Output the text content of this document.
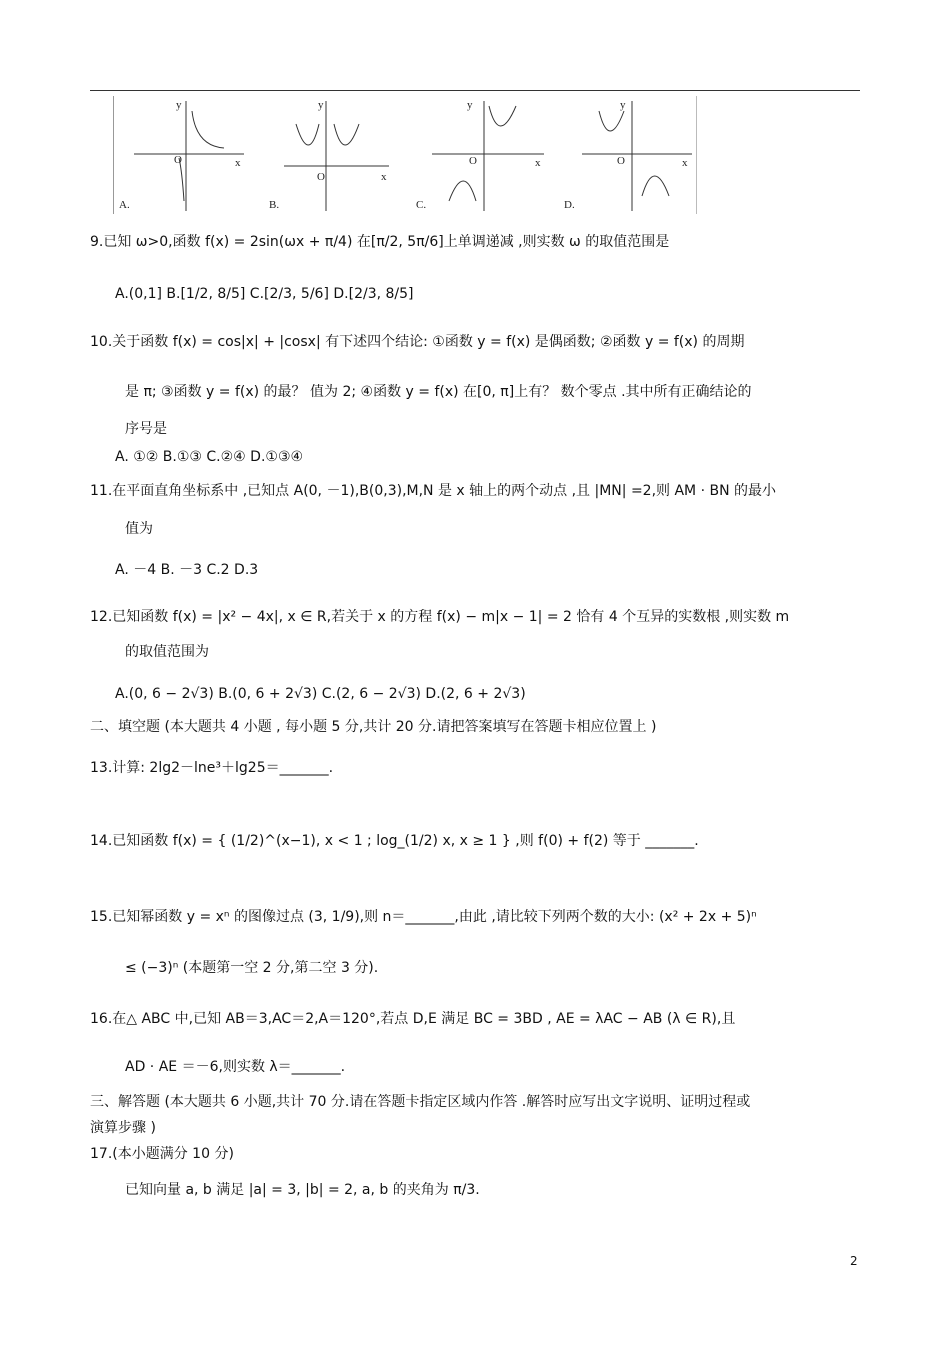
A.
y
x
O
B.
y
x
O
C.
y
x
O
D.
y
x
O
9.已知 ω>0,函数 f(x) = 2sin(ωx + π/4) 在[π/2, 5π/6]上单调递减 ,则实数 ω 的取值范围是
A.(0,1] B.[1/2, 8/5] C.[2/3, 5/6] D.[2/3, 8/5]
10.关于函数 f(x) = cos|x| + |cosx| 有下述四个结论: ①函数 y = f(x) 是偶函数; ②函数 y = f(x) 的周期
是 π; ③函数 y = f(x) 的最？ 值为 2; ④函数 y = f(x) 在[0, π]上有？ 数个零点 .其中所有正确结论的
序号是
A. ①② B.①③ C.②④ D.①③④
11.在平面直角坐标系中 ,已知点 A(0, －1),B(0,3),M,N 是 x 轴上的两个动点 ,且 |MN| =2,则 AM · BN 的最小
值为
A. －4 B. －3 C.2 D.3
12.已知函数 f(x) = |x² − 4x|, x ∈ R,若关于 x 的方程 f(x) − m|x − 1| = 2 恰有 4 个互异的实数根 ,则实数 m
的取值范围为
A.(0, 6 − 2√3) B.(0, 6 + 2√3) C.(2, 6 − 2√3) D.(2, 6 + 2√3)
二、填空题 (本大题共 4 小题 , 每小题 5 分,共计 20 分.请把答案填写在答题卡相应位置上 )
13.计算: 2lg2－lne³＋lg25＝_______.
14.已知函数 f(x) = { (1/2)^(x−1), x < 1 ; log_(1/2) x, x ≥ 1 } ,则 f(0) + f(2) 等于 _______.
15.已知幂函数 y = xⁿ 的图像过点 (3, 1/9),则 n＝_______,由此 ,请比较下列两个数的大小: (x² + 2x + 5)ⁿ
≤ (−3)ⁿ (本题第一空 2 分,第二空 3 分).
16.在△ ABC 中,已知 AB＝3,AC＝2,A＝120°,若点 D,E 满足 BC = 3BD , AE = λAC − AB (λ ∈ R),且
AD · AE ＝－6,则实数 λ＝_______.
三、解答题 (本大题共 6 小题,共计 70 分.请在答题卡指定区域内作答 .解答时应写出文字说明、证明过程或
演算步骤 )
17.(本小题满分 10 分)
已知向量 a, b 满足 |a| = 3, |b| = 2, a, b 的夹角为 π/3.
2
